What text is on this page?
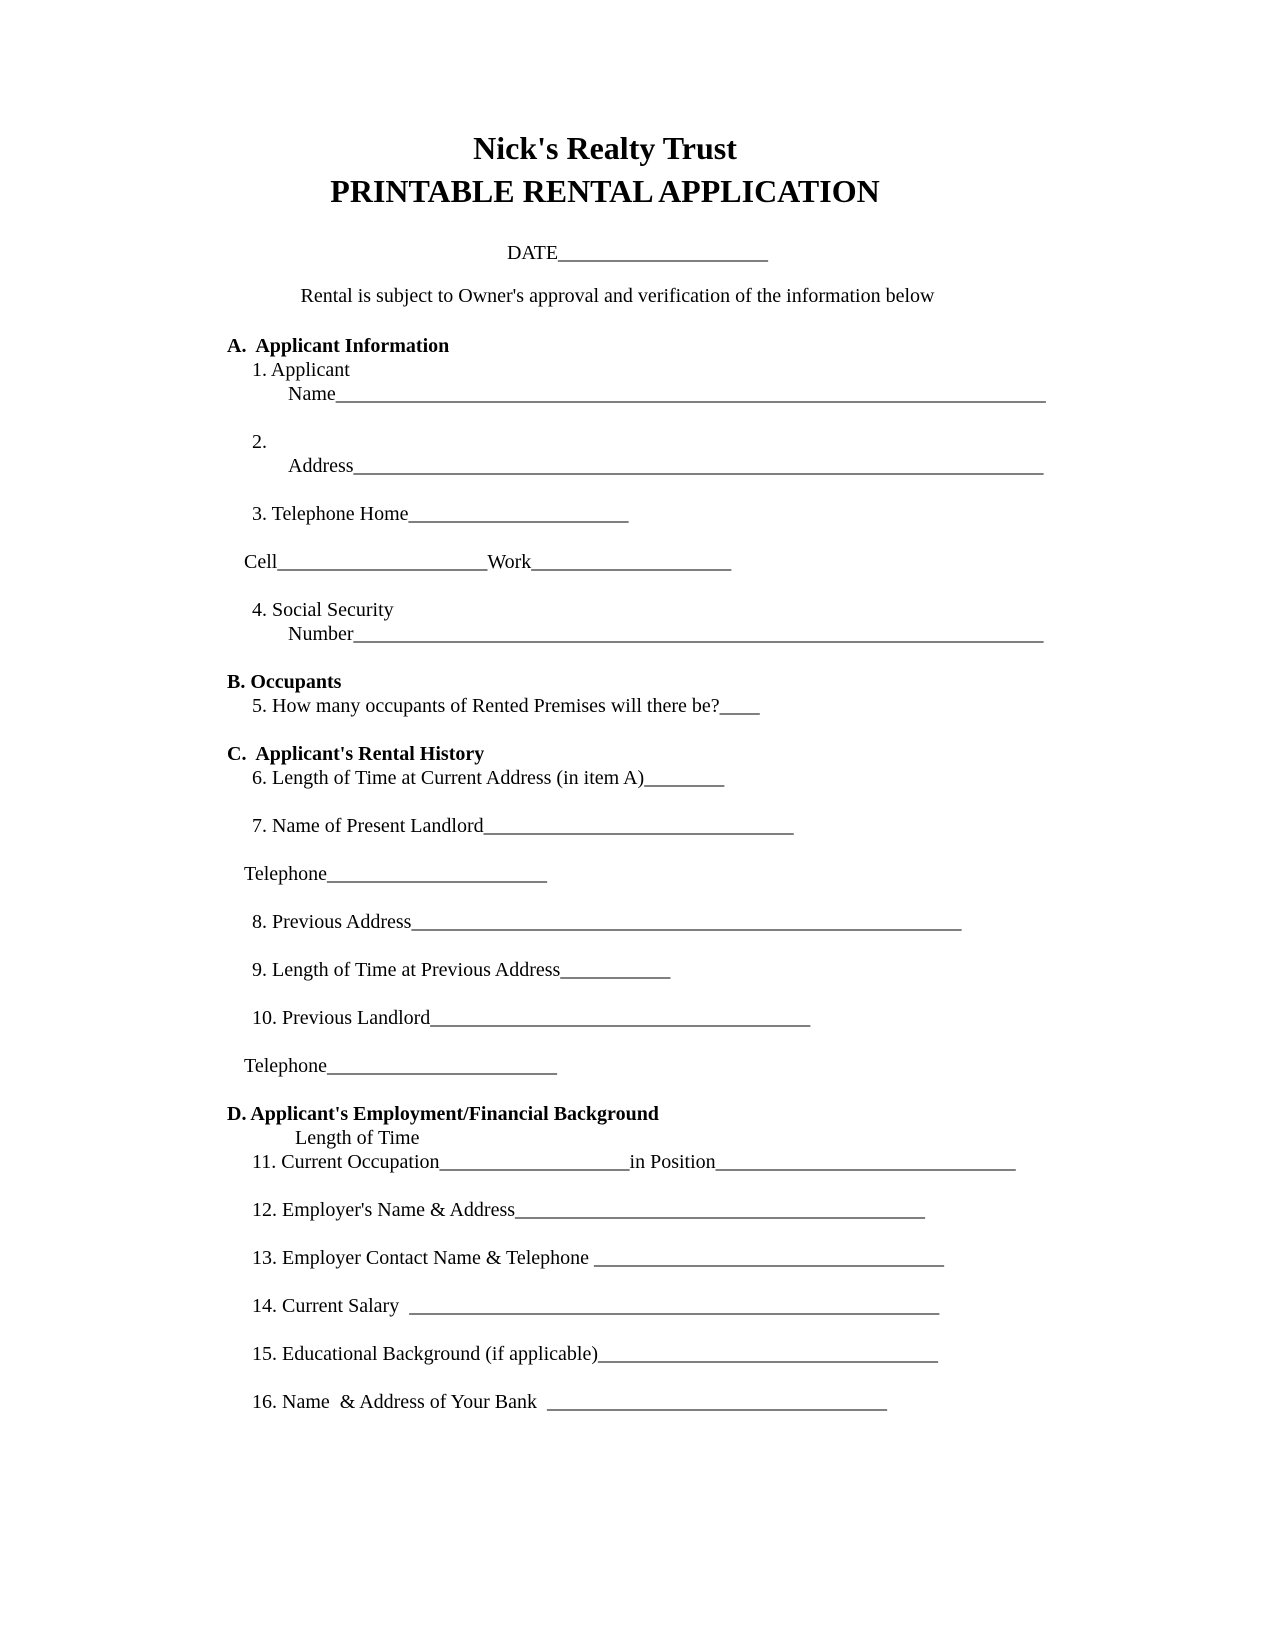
Nick's Realty Trust
PRINTABLE RENTAL APPLICATION
DATE_____________________
Rental is subject to Owner's approval and verification of the information below
A.  Applicant Information
1. Applicant
Name_______________________________________________________________________
2.
Address_____________________________________________________________________
3. Telephone Home______________________
Cell_____________________Work____________________
4. Social Security
Number_____________________________________________________________________
B. Occupants
5. How many occupants of Rented Premises will there be?____
C.  Applicant's Rental History
6. Length of Time at Current Address (in item A)________
7. Name of Present Landlord_______________________________
Telephone______________________
8. Previous Address_______________________________________________________
9. Length of Time at Previous Address___________
10. Previous Landlord______________________________________
Telephone_______________________
D. Applicant's Employment/Financial Background
Length of Time
11. Current Occupation___________________in Position______________________________
12. Employer's Name & Address_________________________________________
13. Employer Contact Name & Telephone ___________________________________
14. Current Salary  _____________________________________________________
15. Educational Background (if applicable)__________________________________
16. Name  & Address of Your Bank  __________________________________
